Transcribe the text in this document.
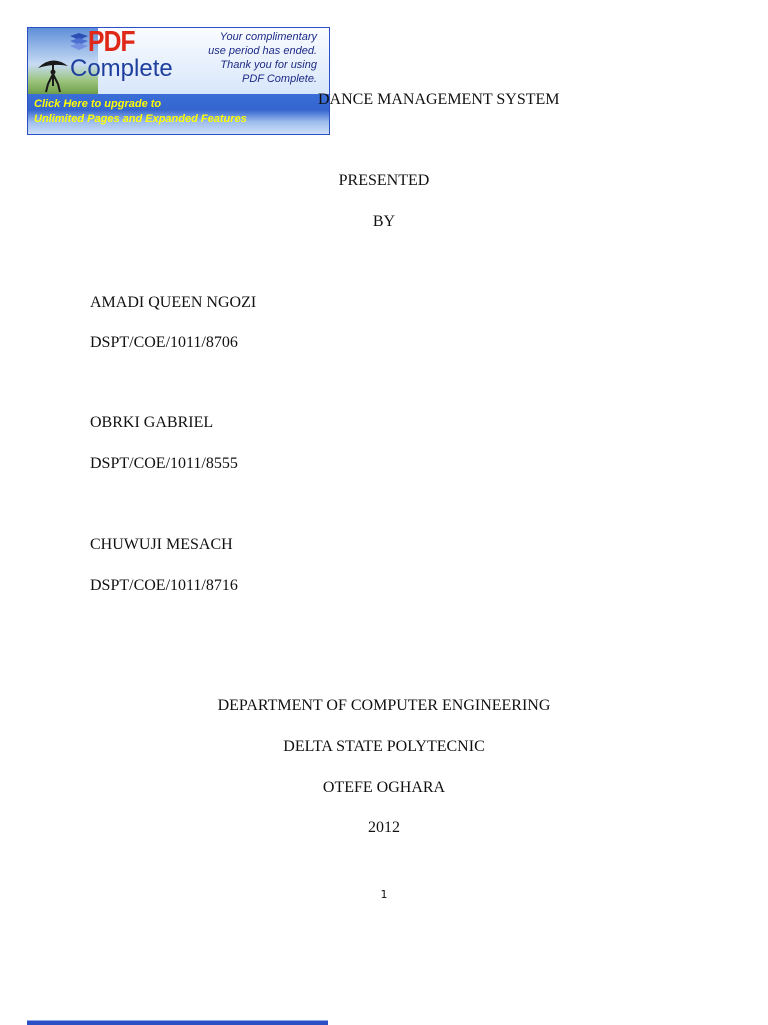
PDF
Complete
Your complimentary
use period has ended.
Thank you for using
PDF Complete.
Click Here to upgrade to
Unlimited Pages and Expanded Features
DANCE MANAGEMENT SYSTEM
PRESENTED
BY
AMADI QUEEN NGOZI
DSPT/COE/1011/8706
OBRKI GABRIEL
DSPT/COE/1011/8555
CHUWUJI MESACH
DSPT/COE/1011/8716
DEPARTMENT OF COMPUTER ENGINEERING
DELTA STATE POLYTECNIC
OTEFE OGHARA
2012
1
